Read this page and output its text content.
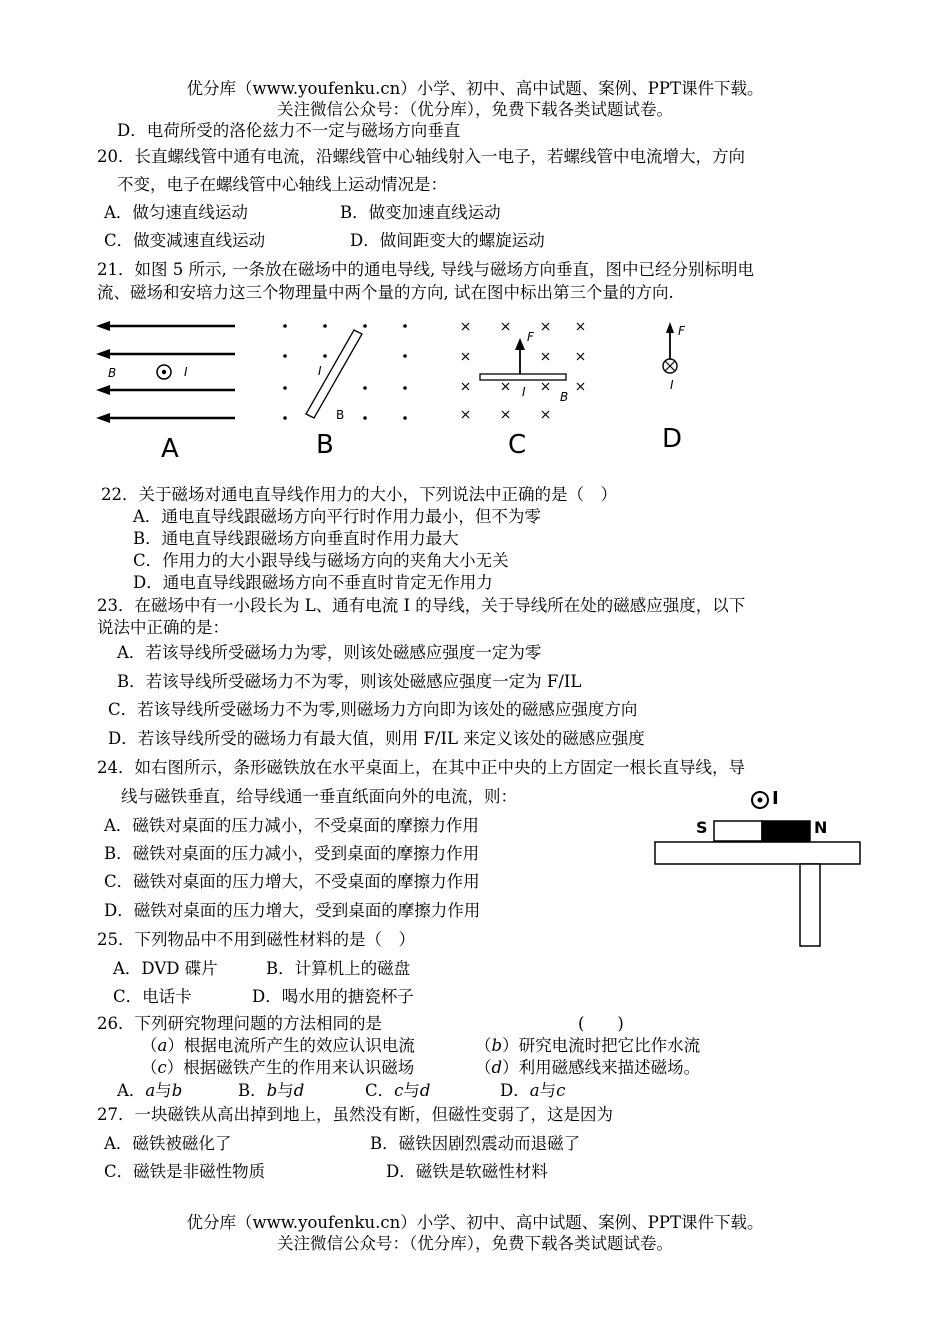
优分库（www.youfenku.cn）小学、初中、高中试题、案例、PPT课件下载。
关注微信公众号：（优分库），免费下载各类试题试卷。
D．电荷所受的洛伦兹力不一定与磁场方向垂直
20．长直螺线管中通有电流，沿螺线管中心轴线射入一电子，若螺线管中电流增大，方向
不变，电子在螺线管中心轴线上运动情况是：
A．做匀速直线运动	B．做变加速直线运动
C．做变减速直线运动	D．做间距变大的螺旋运动
21．如图 5 所示, 一条放在磁场中的通电导线, 导线与磁场方向垂直，图中已经分别标明电
流、磁场和安培力这三个物理量中两个量的方向, 试在图中标出第三个量的方向.
B	I	I
B
F
I	B
F
I
A	B	C	D
22．关于磁场对通电直导线作用力的大小，下列说法中正确的是（　）
A．通电直导线跟磁场方向平行时作用力最小，但不为零
B．通电直导线跟磁场方向垂直时作用力最大
C．作用力的大小跟导线与磁场方向的夹角大小无关
D．通电直导线跟磁场方向不垂直时肯定无作用力
23．在磁场中有一小段长为 L、通有电流 I 的导线，关于导线所在处的磁感应强度，以下
说法中正确的是：
A．若该导线所受磁场力为零，则该处磁感应强度一定为零
B．若该导线所受磁场力不为零，则该处磁感应强度一定为 F/IL
C．若该导线所受磁场力不为零,则磁场力方向即为该处的磁感应强度方向
D．若该导线所受的磁场力有最大值，则用 F/IL 来定义该处的磁感应强度
24．如右图所示，条形磁铁放在水平桌面上，在其中正中央的上方固定一根长直导线，导
线与磁铁垂直，给导线通一垂直纸面向外的电流，则：
A．磁铁对桌面的压力减小，不受桌面的摩擦力作用
B．磁铁对桌面的压力减小，受到桌面的摩擦力作用
C．磁铁对桌面的压力增大，不受桌面的摩擦力作用
D．磁铁对桌面的压力增大，受到桌面的摩擦力作用
I
S	N
25．下列物品中不用到磁性材料的是（　）
A．DVD 碟片	B．计算机上的磁盘
C．电话卡	D．喝水用的搪瓷杯子
26．下列研究物理问题的方法相同的是	(　　)
（a）根据电流所产生的效应认识电流	（b）研究电流时把它比作水流
（c）根据磁铁产生的作用来认识磁场	（d）利用磁感线来描述磁场。
A．a与b	B．b与d	C．c与d	D．a与c
27．一块磁铁从高出掉到地上，虽然没有断，但磁性变弱了，这是因为
A．磁铁被磁化了	B．磁铁因剧烈震动而退磁了
C．磁铁是非磁性物质	D．磁铁是软磁性材料
优分库（www.youfenku.cn）小学、初中、高中试题、案例、PPT课件下载。
关注微信公众号：（优分库），免费下载各类试题试卷。
